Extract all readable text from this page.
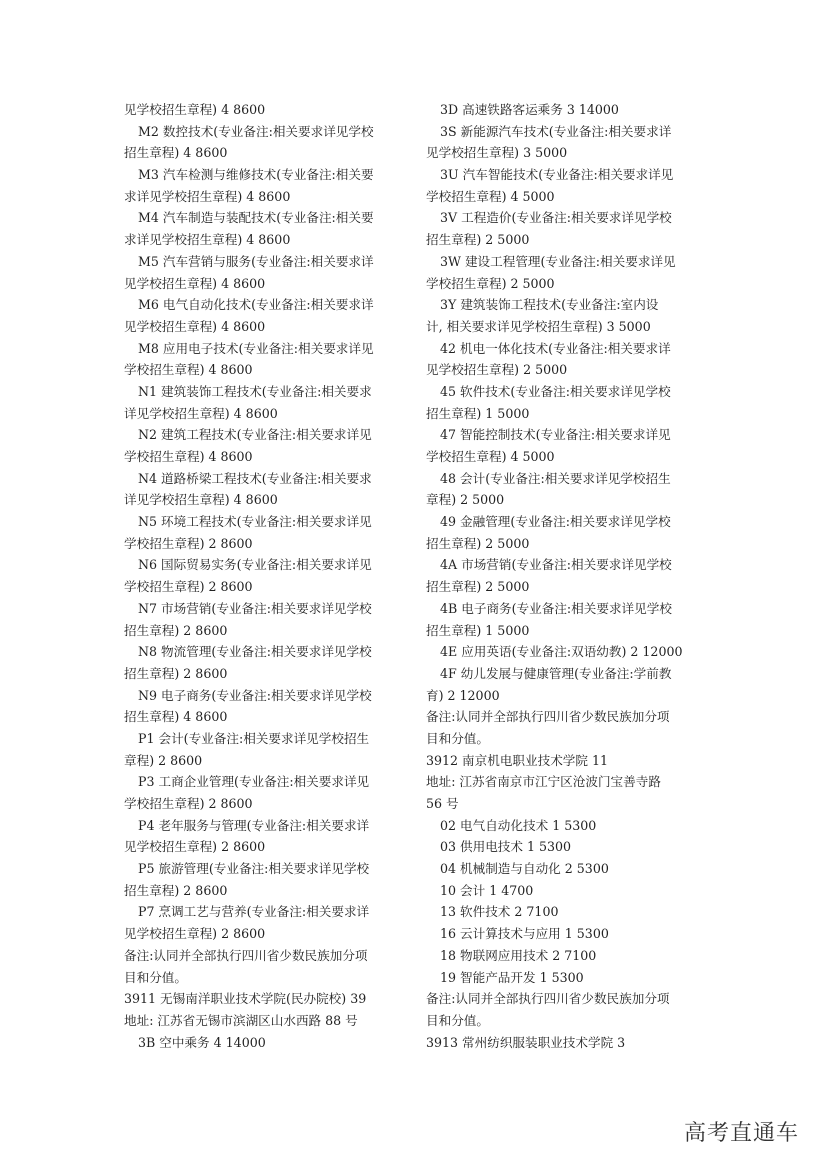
见学校招生章程) 4 8600
M2 数控技术(专业备注:相关要求详见学校
招生章程) 4 8600
M3 汽车检测与维修技术(专业备注:相关要
求详见学校招生章程) 4 8600
M4 汽车制造与装配技术(专业备注:相关要
求详见学校招生章程) 4 8600
M5 汽车营销与服务(专业备注:相关要求详
见学校招生章程) 4 8600
M6 电气自动化技术(专业备注:相关要求详
见学校招生章程) 4 8600
M8 应用电子技术(专业备注:相关要求详见
学校招生章程) 4 8600
N1 建筑装饰工程技术(专业备注:相关要求
详见学校招生章程) 4 8600
N2 建筑工程技术(专业备注:相关要求详见
学校招生章程) 4 8600
N4 道路桥梁工程技术(专业备注:相关要求
详见学校招生章程) 4 8600
N5 环境工程技术(专业备注:相关要求详见
学校招生章程) 2 8600
N6 国际贸易实务(专业备注:相关要求详见
学校招生章程) 2 8600
N7 市场营销(专业备注:相关要求详见学校
招生章程) 2 8600
N8 物流管理(专业备注:相关要求详见学校
招生章程) 2 8600
N9 电子商务(专业备注:相关要求详见学校
招生章程) 4 8600
P1 会计(专业备注:相关要求详见学校招生
章程) 2 8600
P3 工商企业管理(专业备注:相关要求详见
学校招生章程) 2 8600
P4 老年服务与管理(专业备注:相关要求详
见学校招生章程) 2 8600
P5 旅游管理(专业备注:相关要求详见学校
招生章程) 2 8600
P7 烹调工艺与营养(专业备注:相关要求详
见学校招生章程) 2 8600
备注:认同并全部执行四川省少数民族加分项
目和分值。
3911 无锡南洋职业技术学院(民办院校) 39
地址: 江苏省无锡市滨湖区山水西路 88 号
3B 空中乘务 4 14000
3D 高速铁路客运乘务 3 14000
3S 新能源汽车技术(专业备注:相关要求详
见学校招生章程) 3 5000
3U 汽车智能技术(专业备注:相关要求详见
学校招生章程) 4 5000
3V 工程造价(专业备注:相关要求详见学校
招生章程) 2 5000
3W 建设工程管理(专业备注:相关要求详见
学校招生章程) 2 5000
3Y 建筑装饰工程技术(专业备注:室内设
计, 相关要求详见学校招生章程) 3 5000
42 机电一体化技术(专业备注:相关要求详
见学校招生章程) 2 5000
45 软件技术(专业备注:相关要求详见学校
招生章程) 1 5000
47 智能控制技术(专业备注:相关要求详见
学校招生章程) 4 5000
48 会计(专业备注:相关要求详见学校招生
章程) 2 5000
49 金融管理(专业备注:相关要求详见学校
招生章程) 2 5000
4A 市场营销(专业备注:相关要求详见学校
招生章程) 2 5000
4B 电子商务(专业备注:相关要求详见学校
招生章程) 1 5000
4E 应用英语(专业备注:双语幼教) 2 12000
4F 幼儿发展与健康管理(专业备注:学前教
育) 2 12000
备注:认同并全部执行四川省少数民族加分项
目和分值。
3912 南京机电职业技术学院 11
地址: 江苏省南京市江宁区沧波门宝善寺路
56 号
02 电气自动化技术 1 5300
03 供用电技术 1 5300
04 机械制造与自动化 2 5300
10 会计 1 4700
13 软件技术 2 7100
16 云计算技术与应用 1 5300
18 物联网应用技术 2 7100
19 智能产品开发 1 5300
备注:认同并全部执行四川省少数民族加分项
目和分值。
3913 常州纺织服装职业技术学院 3
高考直通车
